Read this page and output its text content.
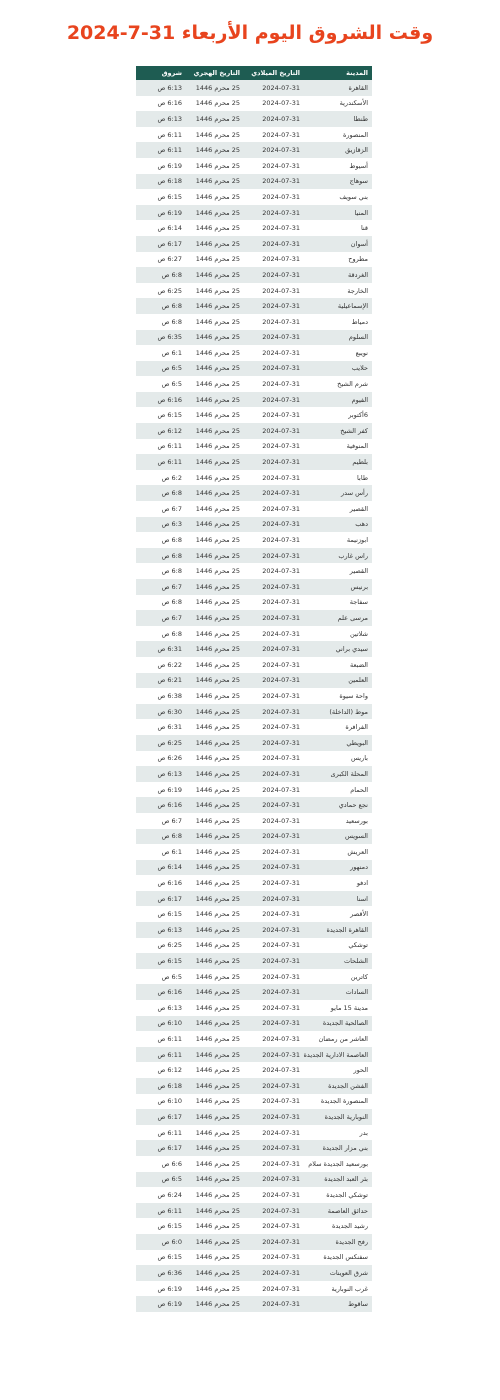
وقت الشروق اليوم الأربعاء 31-7-2024
المدينة	التاريخ الميلادي	التاريخ الهجري	شروق
القاهرة	2024-07-31	25 محرم 1446	6:13 ص
الأسكندرية	2024-07-31	25 محرم 1446	6:16 ص
طنطا	2024-07-31	25 محرم 1446	6:13 ص
المنصورة	2024-07-31	25 محرم 1446	6:11 ص
الزقازيق	2024-07-31	25 محرم 1446	6:11 ص
أسيوط	2024-07-31	25 محرم 1446	6:19 ص
سوهاج	2024-07-31	25 محرم 1446	6:18 ص
بني سويف	2024-07-31	25 محرم 1446	6:15 ص
المنيا	2024-07-31	25 محرم 1446	6:19 ص
قنا	2024-07-31	25 محرم 1446	6:14 ص
أسوان	2024-07-31	25 محرم 1446	6:17 ص
مطروح	2024-07-31	25 محرم 1446	6:27 ص
الغردقة	2024-07-31	25 محرم 1446	6:8 ص
الخارجة	2024-07-31	25 محرم 1446	6:25 ص
الإسماعيلية	2024-07-31	25 محرم 1446	6:8 ص
دمياط	2024-07-31	25 محرم 1446	6:8 ص
السلوم	2024-07-31	25 محرم 1446	6:35 ص
نويبع	2024-07-31	25 محرم 1446	6:1 ص
حلايب	2024-07-31	25 محرم 1446	6:5 ص
شرم الشيخ	2024-07-31	25 محرم 1446	6:5 ص
الفيوم	2024-07-31	25 محرم 1446	6:16 ص
6أكتوبر	2024-07-31	25 محرم 1446	6:15 ص
كفر الشيخ	2024-07-31	25 محرم 1446	6:12 ص
المنوفية	2024-07-31	25 محرم 1446	6:11 ص
بلطيم	2024-07-31	25 محرم 1446	6:11 ص
طابا	2024-07-31	25 محرم 1446	6:2 ص
رأس سدر	2024-07-31	25 محرم 1446	6:8 ص
القصير	2024-07-31	25 محرم 1446	6:7 ص
دهب	2024-07-31	25 محرم 1446	6:3 ص
ابوزنيمة	2024-07-31	25 محرم 1446	6:8 ص
راس غارب	2024-07-31	25 محرم 1446	6:8 ص
القصير	2024-07-31	25 محرم 1446	6:8 ص
برنيس	2024-07-31	25 محرم 1446	6:7 ص
سفاجة	2024-07-31	25 محرم 1446	6:8 ص
مرسى علم	2024-07-31	25 محرم 1446	6:7 ص
شلاتين	2024-07-31	25 محرم 1446	6:8 ص
سيدي براني	2024-07-31	25 محرم 1446	6:31 ص
الضبعة	2024-07-31	25 محرم 1446	6:22 ص
العلمين	2024-07-31	25 محرم 1446	6:21 ص
واحة سيوة	2024-07-31	25 محرم 1446	6:38 ص
موط (الداخلة)	2024-07-31	25 محرم 1446	6:30 ص
الفرافرة	2024-07-31	25 محرم 1446	6:31 ص
البويطي	2024-07-31	25 محرم 1446	6:25 ص
باريس	2024-07-31	25 محرم 1446	6:26 ص
المحلة الكبرى	2024-07-31	25 محرم 1446	6:13 ص
الحمام	2024-07-31	25 محرم 1446	6:19 ص
نجع حمادي	2024-07-31	25 محرم 1446	6:16 ص
بورسعيد	2024-07-31	25 محرم 1446	6:7 ص
السويس	2024-07-31	25 محرم 1446	6:8 ص
العريش	2024-07-31	25 محرم 1446	6:1 ص
دمنهور	2024-07-31	25 محرم 1446	6:14 ص
ادفو	2024-07-31	25 محرم 1446	6:16 ص
اسنا	2024-07-31	25 محرم 1446	6:17 ص
الأقصر	2024-07-31	25 محرم 1446	6:15 ص
القاهرة الجديدة	2024-07-31	25 محرم 1446	6:13 ص
توشكي	2024-07-31	25 محرم 1446	6:25 ص
الشلحات	2024-07-31	25 محرم 1446	6:15 ص
كاترين	2024-07-31	25 محرم 1446	6:5 ص
السادات	2024-07-31	25 محرم 1446	6:16 ص
مدينة 15 مايو	2024-07-31	25 محرم 1446	6:13 ص
الصالحية الجديدة	2024-07-31	25 محرم 1446	6:10 ص
العاشر من رمضان	2024-07-31	25 محرم 1446	6:11 ص
العاصمة الادارية الجديدة	2024-07-31	25 محرم 1446	6:11 ص
الحور	2024-07-31	25 محرم 1446	6:12 ص
الفشن الجديدة	2024-07-31	25 محرم 1446	6:18 ص
المنصورة الجديدة	2024-07-31	25 محرم 1446	6:10 ص
النوبارية الجديدة	2024-07-31	25 محرم 1446	6:17 ص
بدر	2024-07-31	25 محرم 1446	6:11 ص
بني مزار الجديدة	2024-07-31	25 محرم 1446	6:17 ص
بورسعيد الجديدة سلام	2024-07-31	25 محرم 1446	6:6 ص
بئر العبد الجديدة	2024-07-31	25 محرم 1446	6:5 ص
توشكي الجديدة	2024-07-31	25 محرم 1446	6:24 ص
حدائق العاصمة	2024-07-31	25 محرم 1446	6:11 ص
رشيد الجديدة	2024-07-31	25 محرم 1446	6:15 ص
رفح الجديدة	2024-07-31	25 محرم 1446	6:0 ص
سفنكس الجديدة	2024-07-31	25 محرم 1446	6:15 ص
شرق العوينات	2024-07-31	25 محرم 1446	6:36 ص
غرب النوبارية	2024-07-31	25 محرم 1446	6:19 ص
ساقوط	2024-07-31	25 محرم 1446	6:19 ص
